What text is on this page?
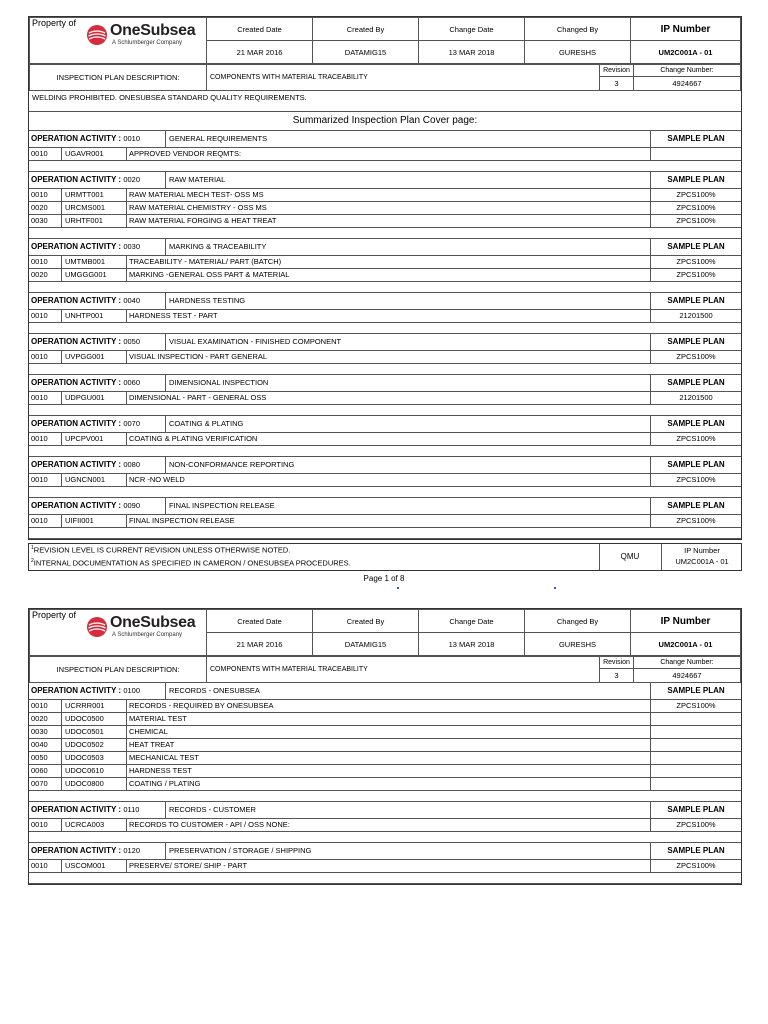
Property of OneSubsea
A Schlumberger Company	Created Date	Created By	Change Date	Changed By	IP Number
	21 MAR 2016	DATAMIG15	13 MAR 2018	GURESHS	UM2C001A - 01
INSPECTION PLAN DESCRIPTION:	COMPONENTS WITH MATERIAL TRACEABILITY	Revision	Change Number:
		3	4924667
WELDING PROHIBITED. ONESUBSEA STANDARD QUALITY REQUIREMENTS.
Summarized Inspection Plan Cover page:
OPERATION ACTIVITY : 0010	GENERAL REQUIREMENTS	SAMPLE PLAN
0010	UGAVR001	APPROVED VENDOR REQMTS:
OPERATION ACTIVITY : 0020	RAW MATERIAL	SAMPLE PLAN
0010	URMTT001	RAW MATERIAL MECH TEST- OSS MS	ZPCS100%
0020	URCMS001	RAW MATERIAL CHEMISTRY - OSS MS	ZPCS100%
0030	URHTF001	RAW MATERIAL FORGING & HEAT TREAT	ZPCS100%
OPERATION ACTIVITY : 0030	MARKING & TRACEABILITY	SAMPLE PLAN
0010	UMTMB001	TRACEABILITY - MATERIAL/ PART (BATCH)	ZPCS100%
0020	UMGGG001	MARKING -GENERAL OSS PART & MATERIAL	ZPCS100%
OPERATION ACTIVITY : 0040	HARDNESS TESTING	SAMPLE PLAN
0010	UNHTP001	HARDNESS TEST - PART	21201500
OPERATION ACTIVITY : 0050	VISUAL EXAMINATION - FINISHED COMPONENT	SAMPLE PLAN
0010	UVPGG001	VISUAL INSPECTION - PART GENERAL	ZPCS100%
OPERATION ACTIVITY : 0060	DIMENSIONAL INSPECTION	SAMPLE PLAN
0010	UDPGU001	DIMENSIONAL - PART - GENERAL OSS	21201500
OPERATION ACTIVITY : 0070	COATING & PLATING	SAMPLE PLAN
0010	UPCPV001	COATING & PLATING VERIFICATION	ZPCS100%
OPERATION ACTIVITY : 0080	NON-CONFORMANCE REPORTING	SAMPLE PLAN
0010	UGNCN001	NCR -NO WELD	ZPCS100%
OPERATION ACTIVITY : 0090	FINAL INSPECTION RELEASE	SAMPLE PLAN
0010	UIFII001	FINAL INSPECTION RELEASE	ZPCS100%
$^1$REVISION LEVEL IS CURRENT REVISION UNLESS OTHERWISE NOTED.
$^2$INTERNAL DOCUMENTATION AS SPECIFIED IN CAMERON / ONESUBSEA PROCEDURES.
QMU
IP Number
UM2C001A - 01
Page 1 of 8
Property of OneSubsea
A Schlumberger Company	Created Date	Created By	Change Date	Changed By	IP Number
	21 MAR 2016	DATAMIG15	13 MAR 2018	GURESHS	UM2C001A - 01
INSPECTION PLAN DESCRIPTION:	COMPONENTS WITH MATERIAL TRACEABILITY	Revision	Change Number:
		3	4924667
OPERATION ACTIVITY : 0100	RECORDS - ONESUBSEA	SAMPLE PLAN
0010	UCRRR001	RECORDS - REQUIRED BY ONESUBSEA	ZPCS100%
0020	UDOC0500	MATERIAL TEST
0030	UDOC0501	CHEMICAL
0040	UDOC0502	HEAT TREAT
0050	UDOC0503	MECHANICAL TEST
0060	UDOC0610	HARDNESS TEST
0070	UDOC0800	COATING / PLATING
OPERATION ACTIVITY : 0110	RECORDS - CUSTOMER	SAMPLE PLAN
0010	UCRCA003	RECORDS TO CUSTOMER - API / OSS NONE:	ZPCS100%
OPERATION ACTIVITY : 0120	PRESERVATION / STORAGE / SHIPPING	SAMPLE PLAN
0010	USCOM001	PRESERVE/ STORE/ SHIP - PART	ZPCS100%
